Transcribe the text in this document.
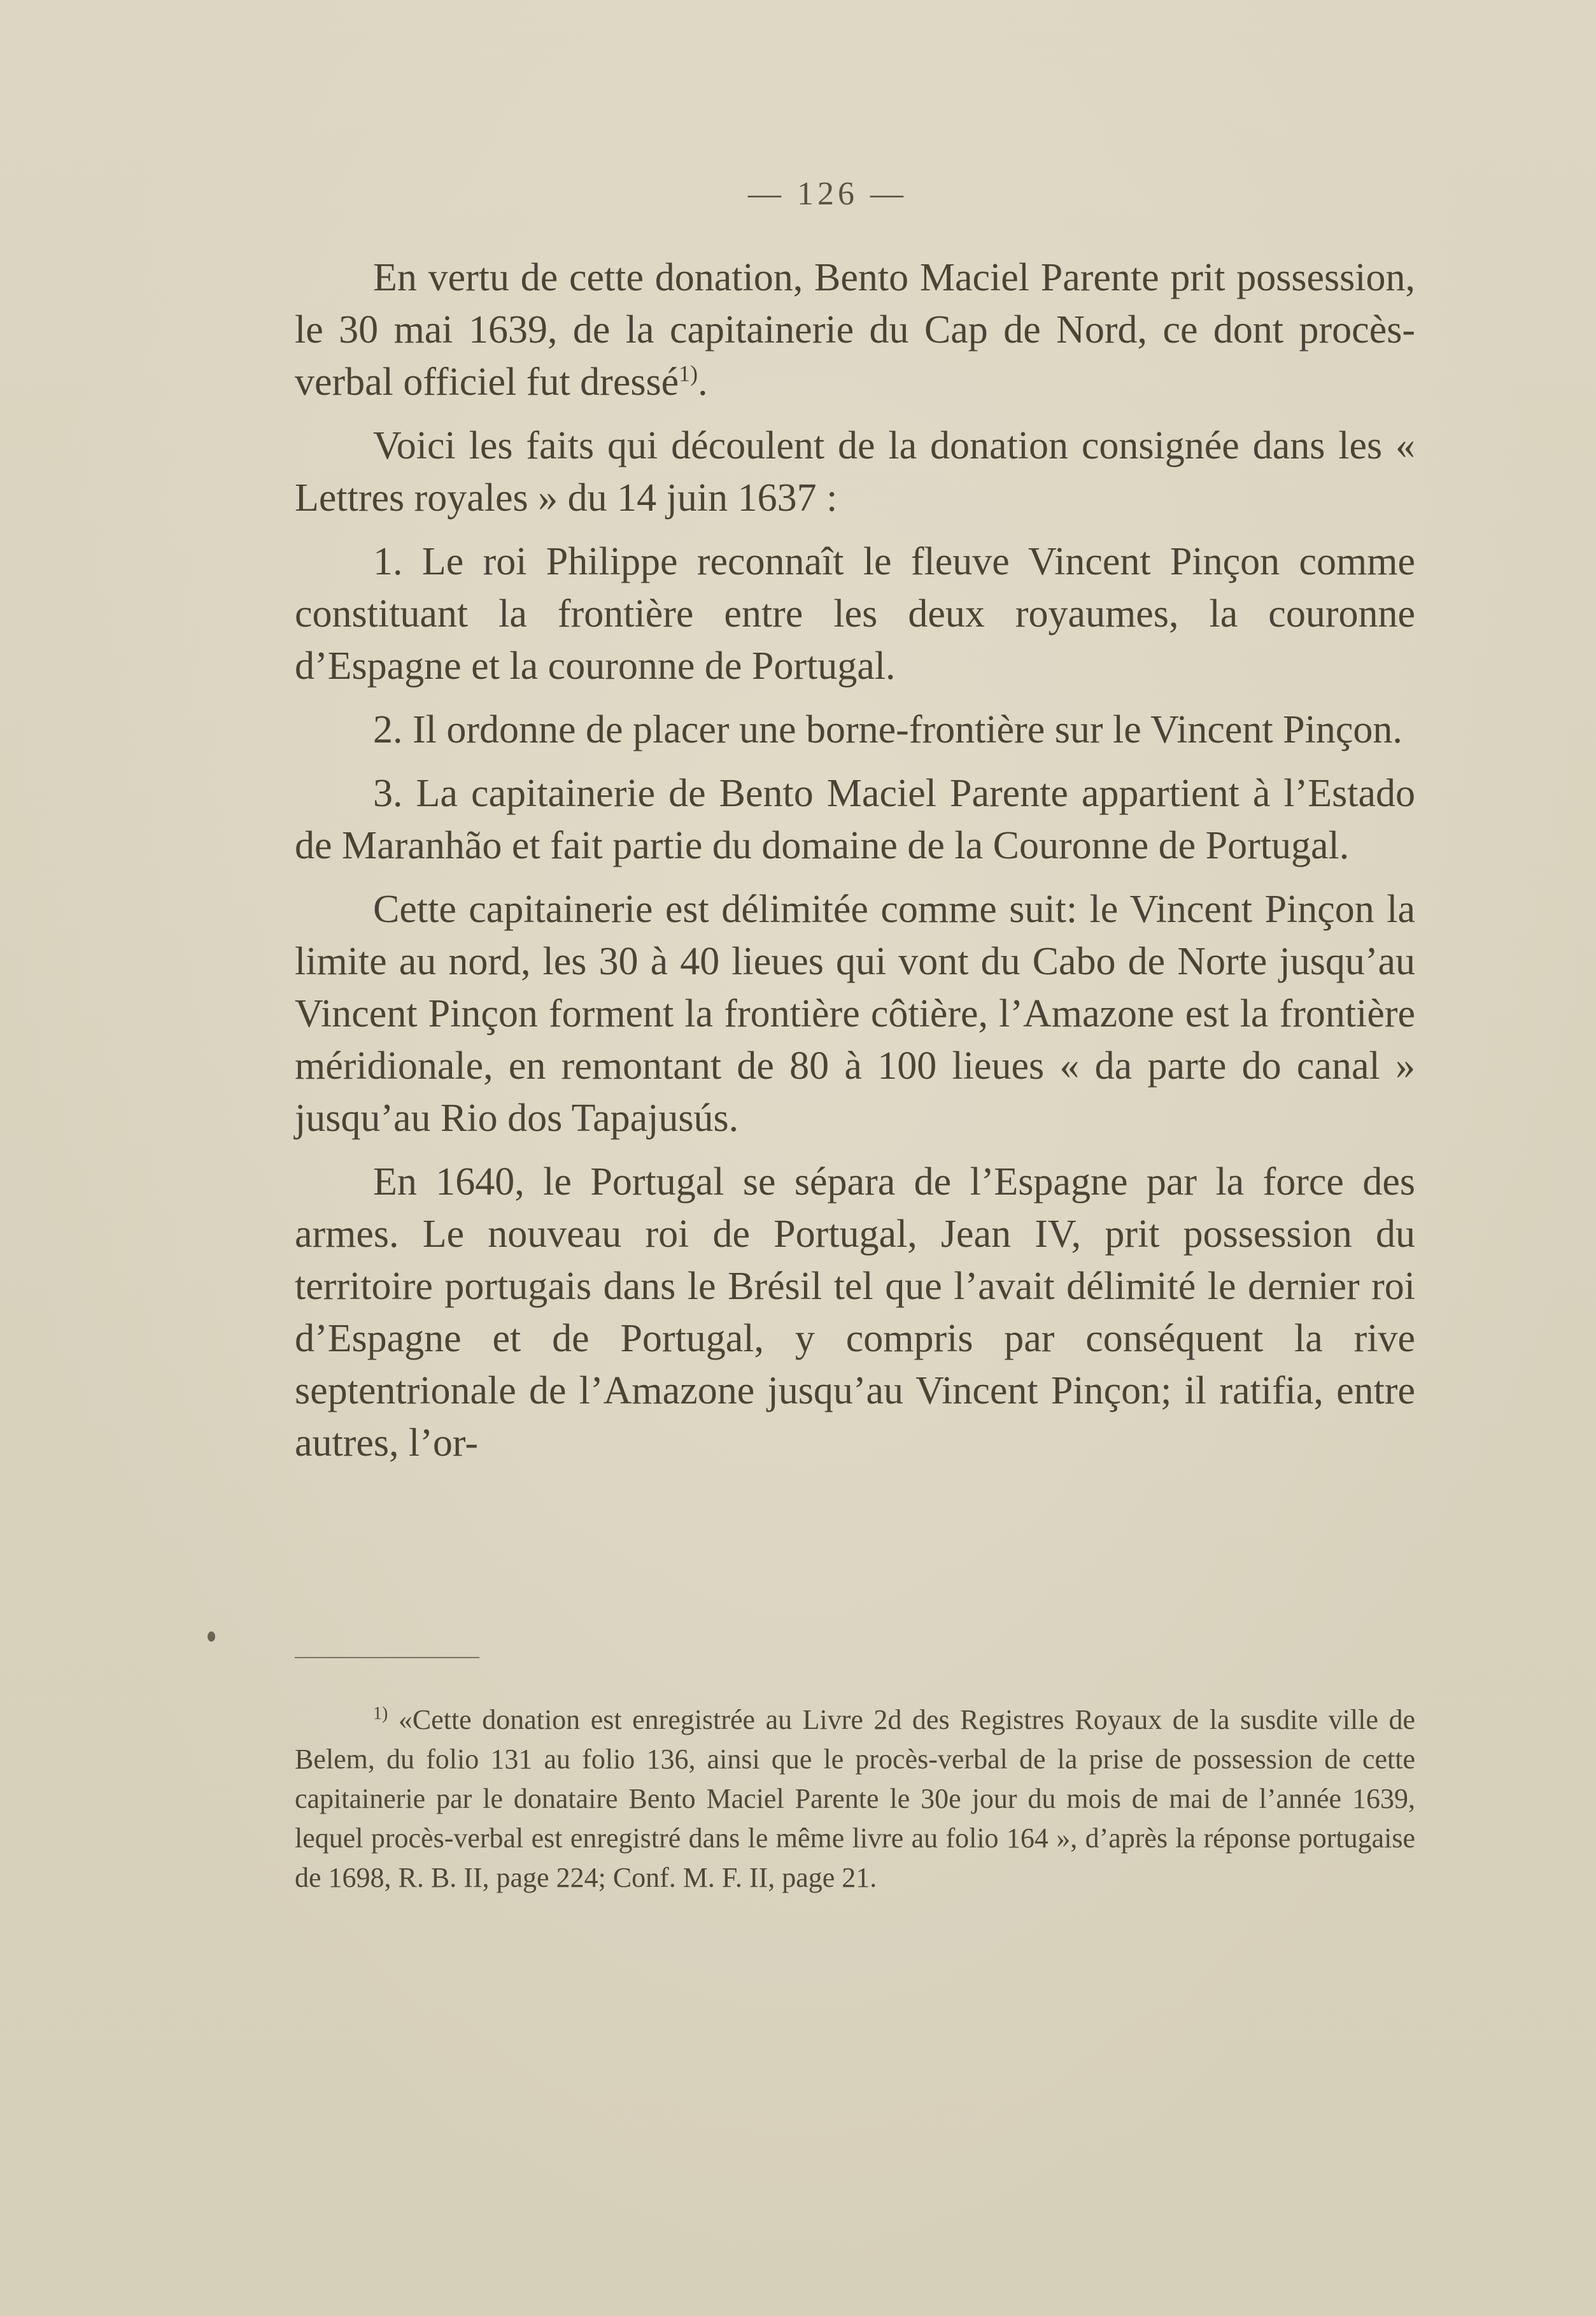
— 126 —

En vertu de cette donation, Bento Maciel Parente prit possession, le 30 mai 1639, de la capitainerie du Cap de Nord, ce dont procès-verbal officiel fut dressé$^{1)}$.

Voici les faits qui découlent de la donation consignée dans les « Lettres royales » du 14 juin 1637 :

1. Le roi Philippe reconnaît le fleuve Vincent Pinçon comme constituant la frontière entre les deux royaumes, la couronne d’Espagne et la couronne de Portugal.

2. Il ordonne de placer une borne-frontière sur le Vincent Pinçon.

3. La capitainerie de Bento Maciel Parente appartient à l’Estado de Maranhão et fait partie du domaine de la Couronne de Portugal.

Cette capitainerie est délimitée comme suit: le Vincent Pinçon la limite au nord, les 30 à 40 lieues qui vont du Cabo de Norte jusqu’au Vincent Pinçon forment la frontière côtière, l’Amazone est la frontière méridionale, en remontant de 80 à 100 lieues « da parte do canal » jusqu’au Rio dos Tapajusús.

En 1640, le Portugal se sépara de l’Espagne par la force des armes. Le nouveau roi de Portugal, Jean IV, prit possession du territoire portugais dans le Brésil tel que l’avait délimité le dernier roi d’Espagne et de Portugal, y compris par conséquent la rive septentrionale de l’Amazone jusqu’au Vincent Pinçon; il ratifia, entre autres, l’or-

$^{1)}$ «Cette donation est enregistrée au Livre 2d des Registres Royaux de la susdite ville de Belem, du folio 131 au folio 136, ainsi que le procès-verbal de la prise de possession de cette capitainerie par le donataire Bento Maciel Parente le 30e jour du mois de mai de l’année 1639, lequel procès-verbal est enregistré dans le même livre au folio 164 », d’après la réponse portugaise de 1698, R. B. II, page 224; Conf. M. F. II, page 21.
